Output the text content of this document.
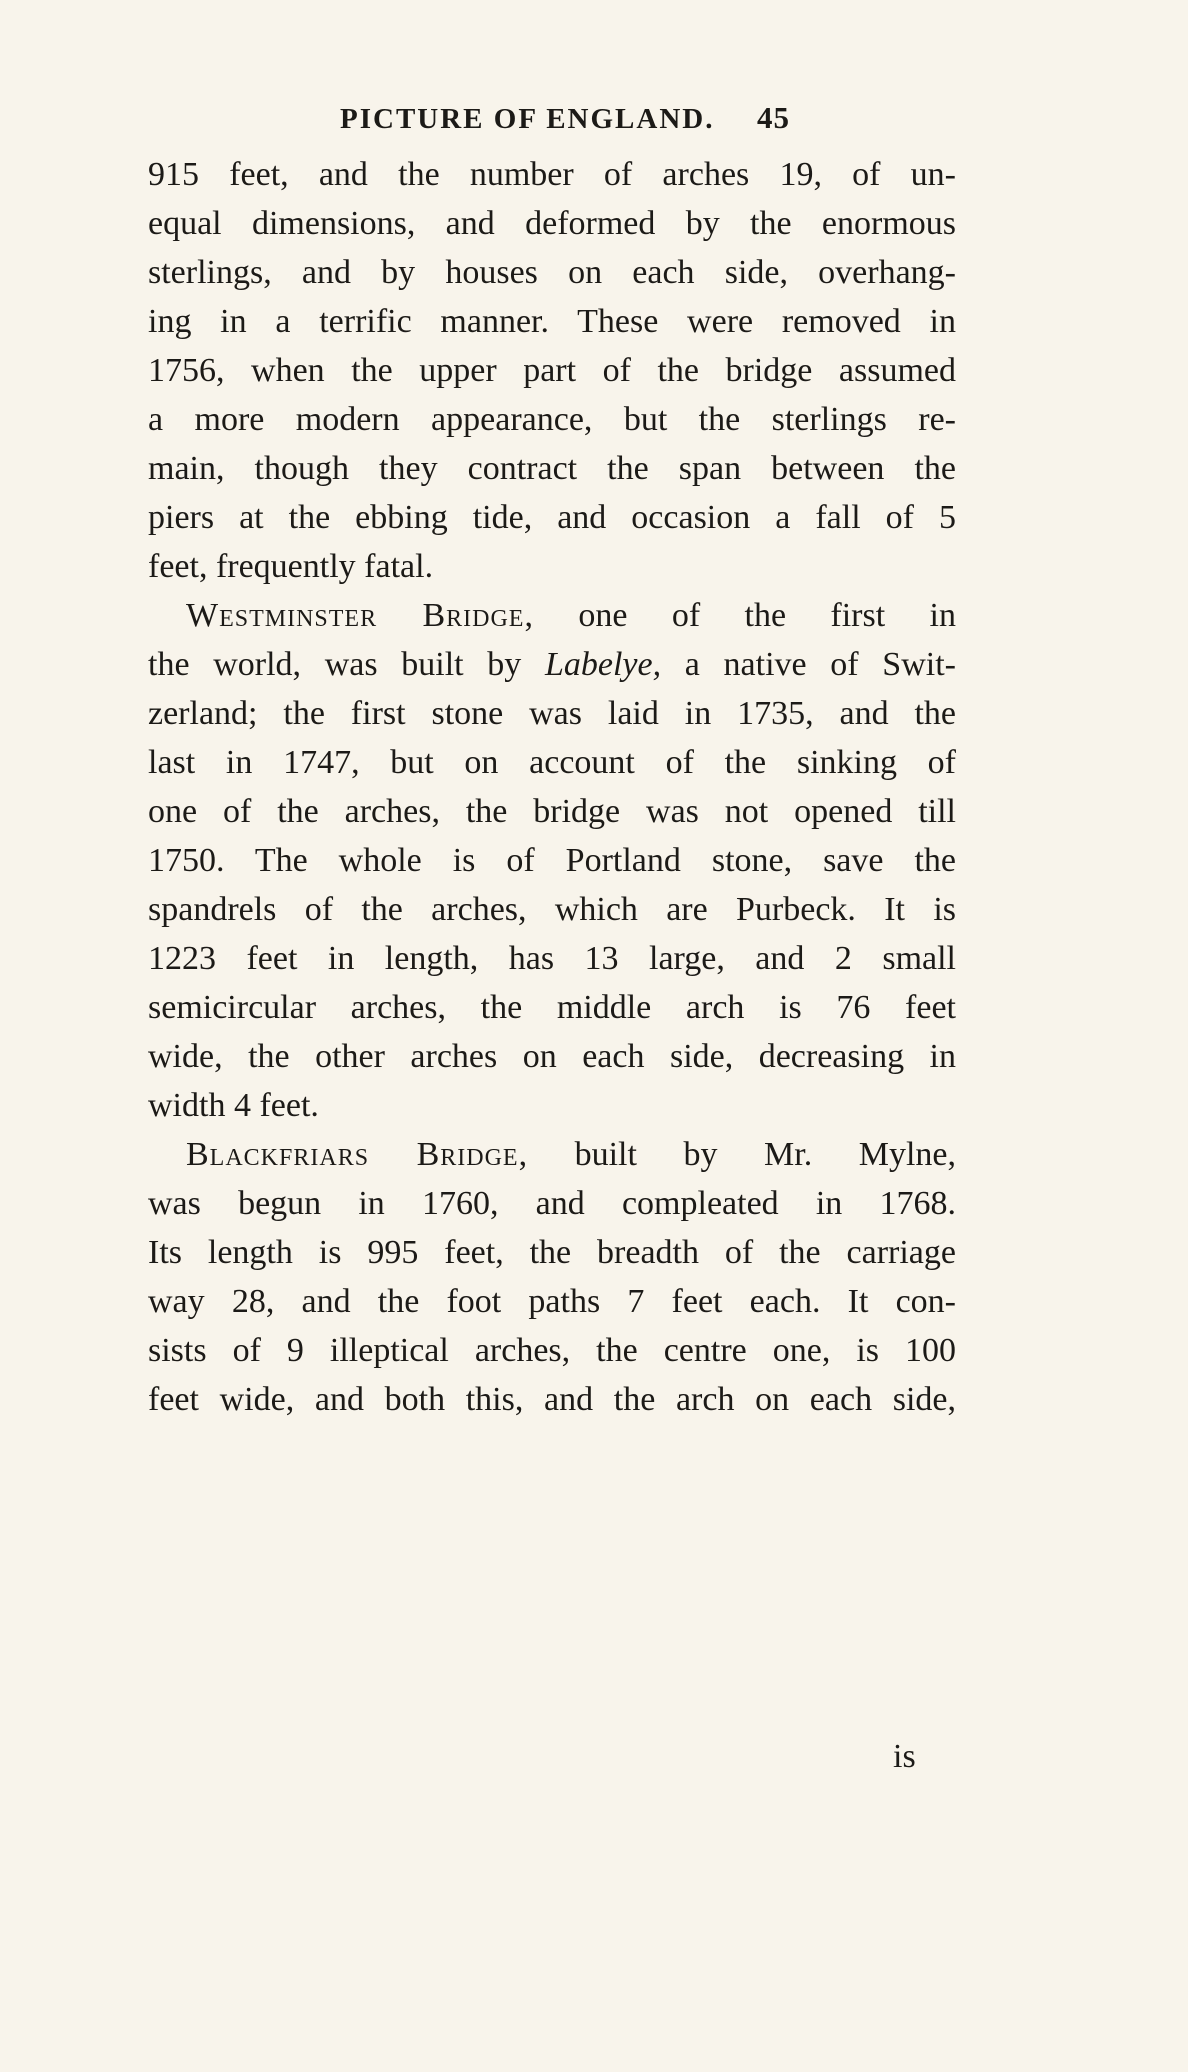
PICTURE OF ENGLAND. 45
915 feet, and the number of arches 19, of un-
equal dimensions, and deformed by the enormous
sterlings, and by houses on each side, overhang-
ing in a terrific manner. These were removed in
1756, when the upper part of the bridge assumed
a more modern appearance, but the sterlings re-
main, though they contract the span between the
piers at the ebbing tide, and occasion a fall of 5
feet, frequently fatal.
Westminster Bridge, one of the first in
the world, was built by Labelye, a native of Swit-
zerland; the first stone was laid in 1735, and the
last in 1747, but on account of the sinking of
one of the arches, the bridge was not opened till
1750. The whole is of Portland stone, save the
spandrels of the arches, which are Purbeck. It is
1223 feet in length, has 13 large, and 2 small
semicircular arches, the middle arch is 76 feet
wide, the other arches on each side, decreasing in
width 4 feet.
Blackfriars Bridge, built by Mr. Mylne,
was begun in 1760, and compleated in 1768.
Its length is 995 feet, the breadth of the carriage
way 28, and the foot paths 7 feet each. It con-
sists of 9 illeptical arches, the centre one, is 100
feet wide, and both this, and the arch on each side,
is
